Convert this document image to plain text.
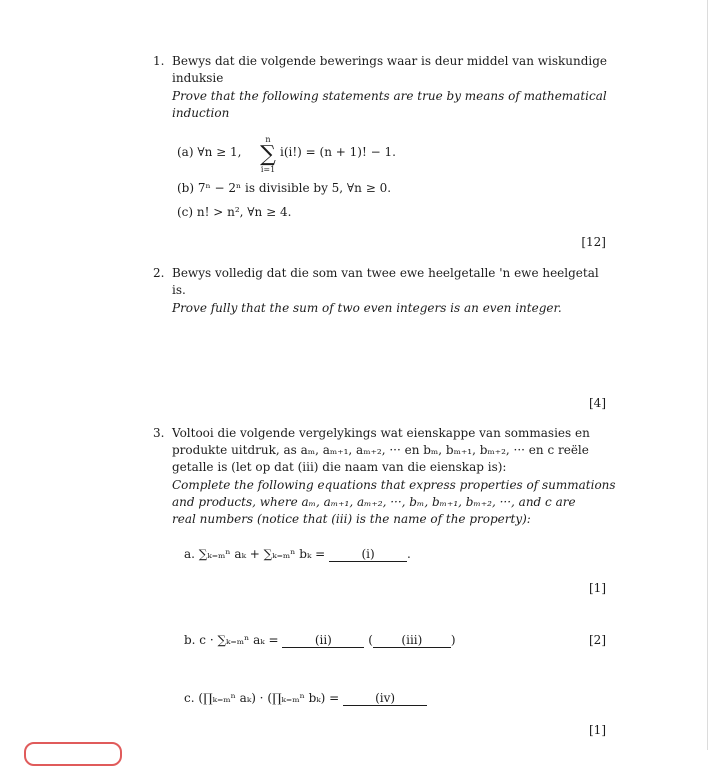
1. Bewys dat die volgende bewerings waar is deur middel van wiskundige
induksie
Prove that the following statements are true by means of mathematical
induction
(a) ∀n ≥ 1,
n
∑
i=1
i(i!) = (n + 1)! − 1.
(b) 7ⁿ − 2ⁿ is divisible by 5, ∀n ≥ 0.
(c) n! > n², ∀n ≥ 4.
[12]
2. Bewys volledig dat die som van twee ewe heelgetalle 'n ewe heelgetal
is.
Prove fully that the sum of two even integers is an even integer.
[4]
3. Voltooi die volgende vergelykings wat eienskappe van sommasies en
produkte uitdruk, as aₘ, aₘ₊₁, aₘ₊₂, ··· en bₘ, bₘ₊₁, bₘ₊₂, ··· en c reële
getalle is (let op dat (iii) die naam van die eienskap is):
Complete the following equations that express properties of summations
and products, where aₘ, aₘ₊₁, aₘ₊₂, ···, bₘ, bₘ₊₁, bₘ₊₂, ···, and c are
real numbers (notice that (iii) is the name of the property):
a. ∑ₖ₌ₘⁿ aₖ + ∑ₖ₌ₘⁿ bₖ =	(i)	.
[1]
b. c · ∑ₖ₌ₘⁿ aₖ =	(ii)	( (iii) )	[2]
c. (∏ₖ₌ₘⁿ aₖ) · (∏ₖ₌ₘⁿ bₖ) =	(iv)
[1]
